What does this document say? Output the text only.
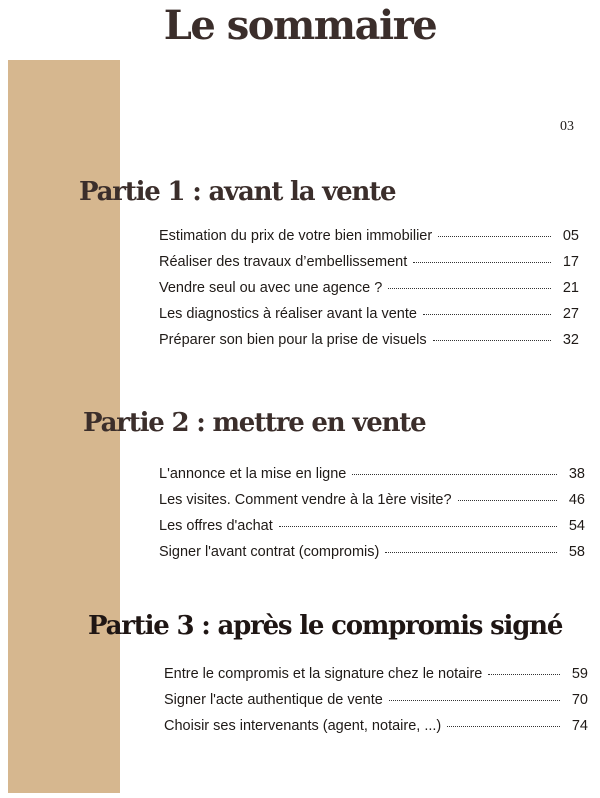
Le sommaire
03
Partie 1 : avant la vente
Estimation du prix de votre bien immobilier	05
Réaliser des travaux d’embellissement	17
Vendre seul ou avec une agence ?	21
Les diagnostics à réaliser avant la vente	27
Préparer son bien pour la prise de visuels	32
Partie 2 : mettre en vente
L'annonce et la mise en ligne	38
Les visites. Comment vendre à la 1ère visite?	46
Les offres d'achat	54
Signer l'avant contrat (compromis)	58
Partie 3 : après le compromis signé
Entre le compromis et la signature chez le notaire	59
Signer l'acte authentique de vente	70
Choisir ses intervenants (agent, notaire, ...)	74
